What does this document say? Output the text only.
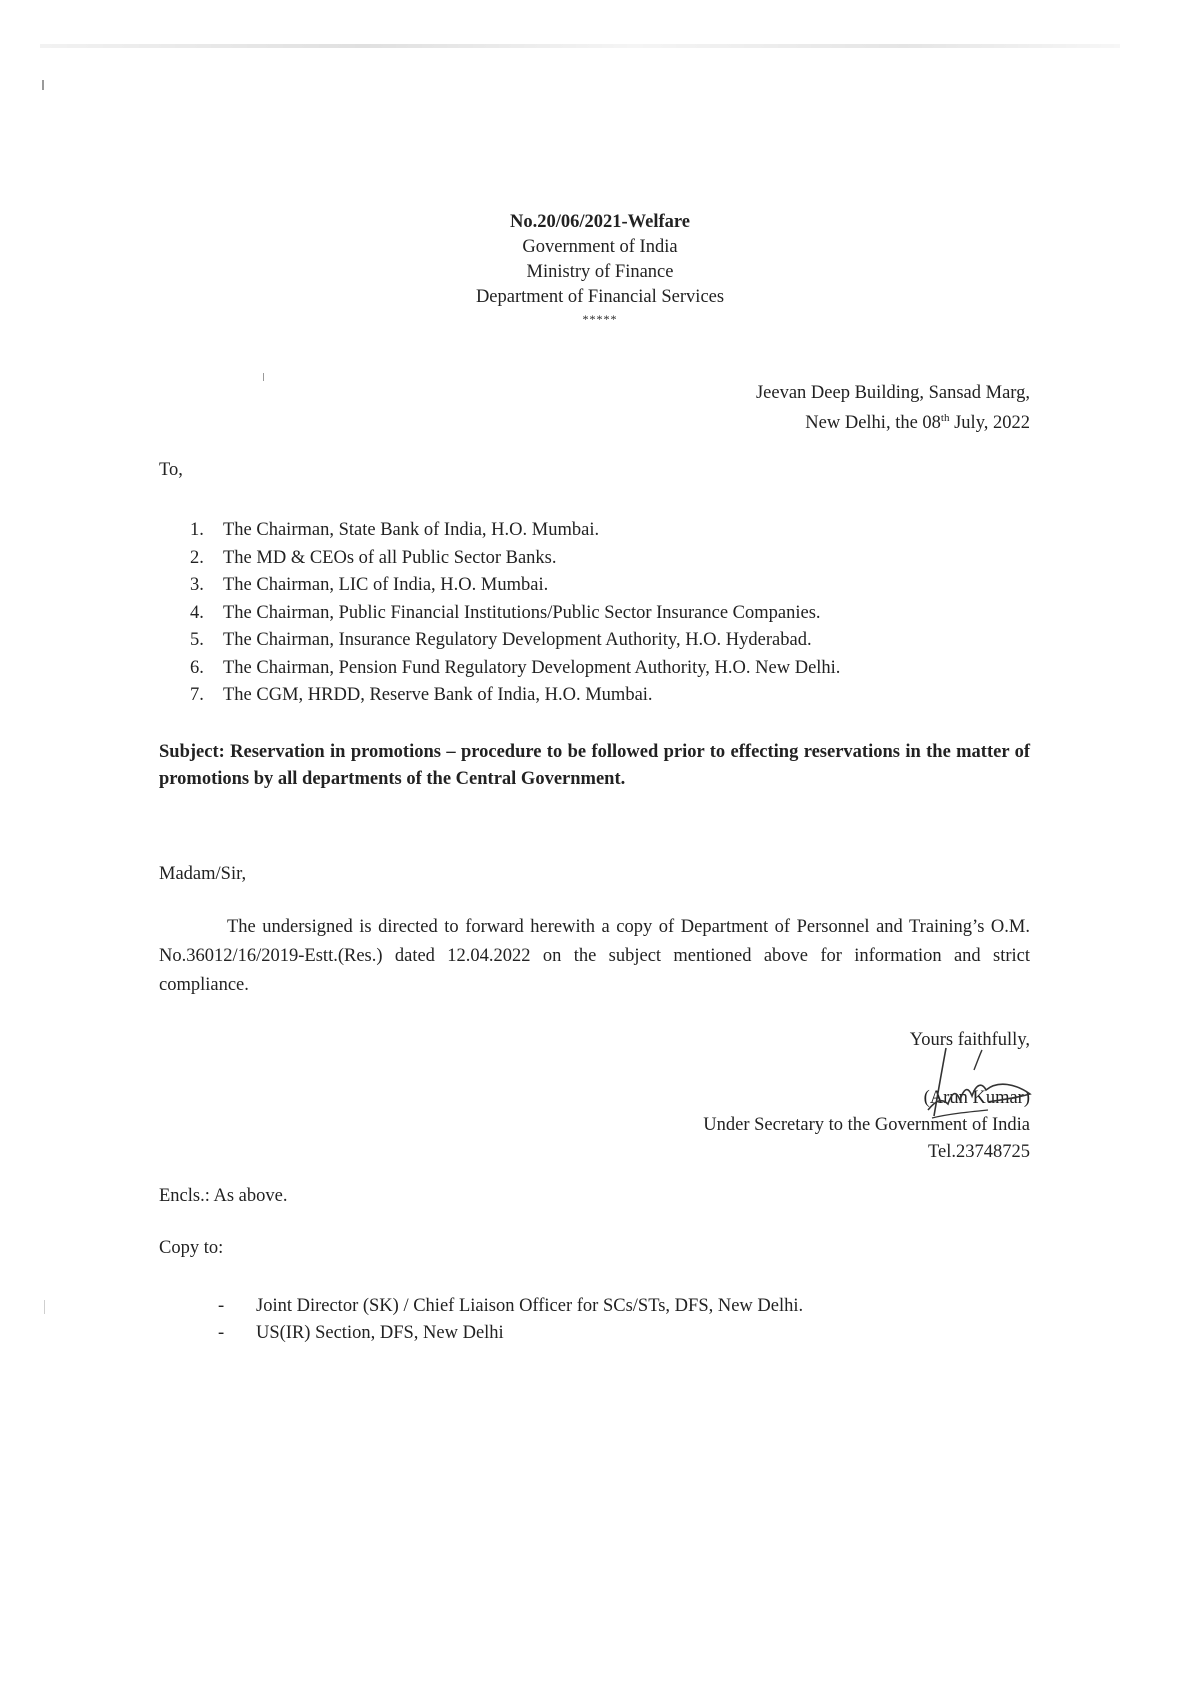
No.20/06/2021-Welfare
Government of India
Ministry of Finance
Department of Financial Services
*****
Jeevan Deep Building, Sansad Marg,
New Delhi, the 08th July, 2022
To,
1. The Chairman, State Bank of India, H.O. Mumbai.
2. The MD & CEOs of all Public Sector Banks.
3. The Chairman, LIC of India, H.O. Mumbai.
4. The Chairman, Public Financial Institutions/Public Sector Insurance Companies.
5. The Chairman, Insurance Regulatory Development Authority, H.O. Hyderabad.
6. The Chairman, Pension Fund Regulatory Development Authority, H.O. New Delhi.
7. The CGM, HRDD, Reserve Bank of India, H.O. Mumbai.
Subject: Reservation in promotions – procedure to be followed prior to effecting reservations in the matter of promotions by all departments of the Central Government.
Madam/Sir,
The undersigned is directed to forward herewith a copy of Department of Personnel and Training’s O.M. No.36012/16/2019-Estt.(Res.) dated 12.04.2022 on the subject mentioned above for information and strict compliance.
Yours faithfully,
(Arun Kumar)
Under Secretary to the Government of India
Tel.23748725
Encls.: As above.
Copy to:
- Joint Director (SK) / Chief Liaison Officer for SCs/STs, DFS, New Delhi.
- US(IR) Section, DFS, New Delhi
